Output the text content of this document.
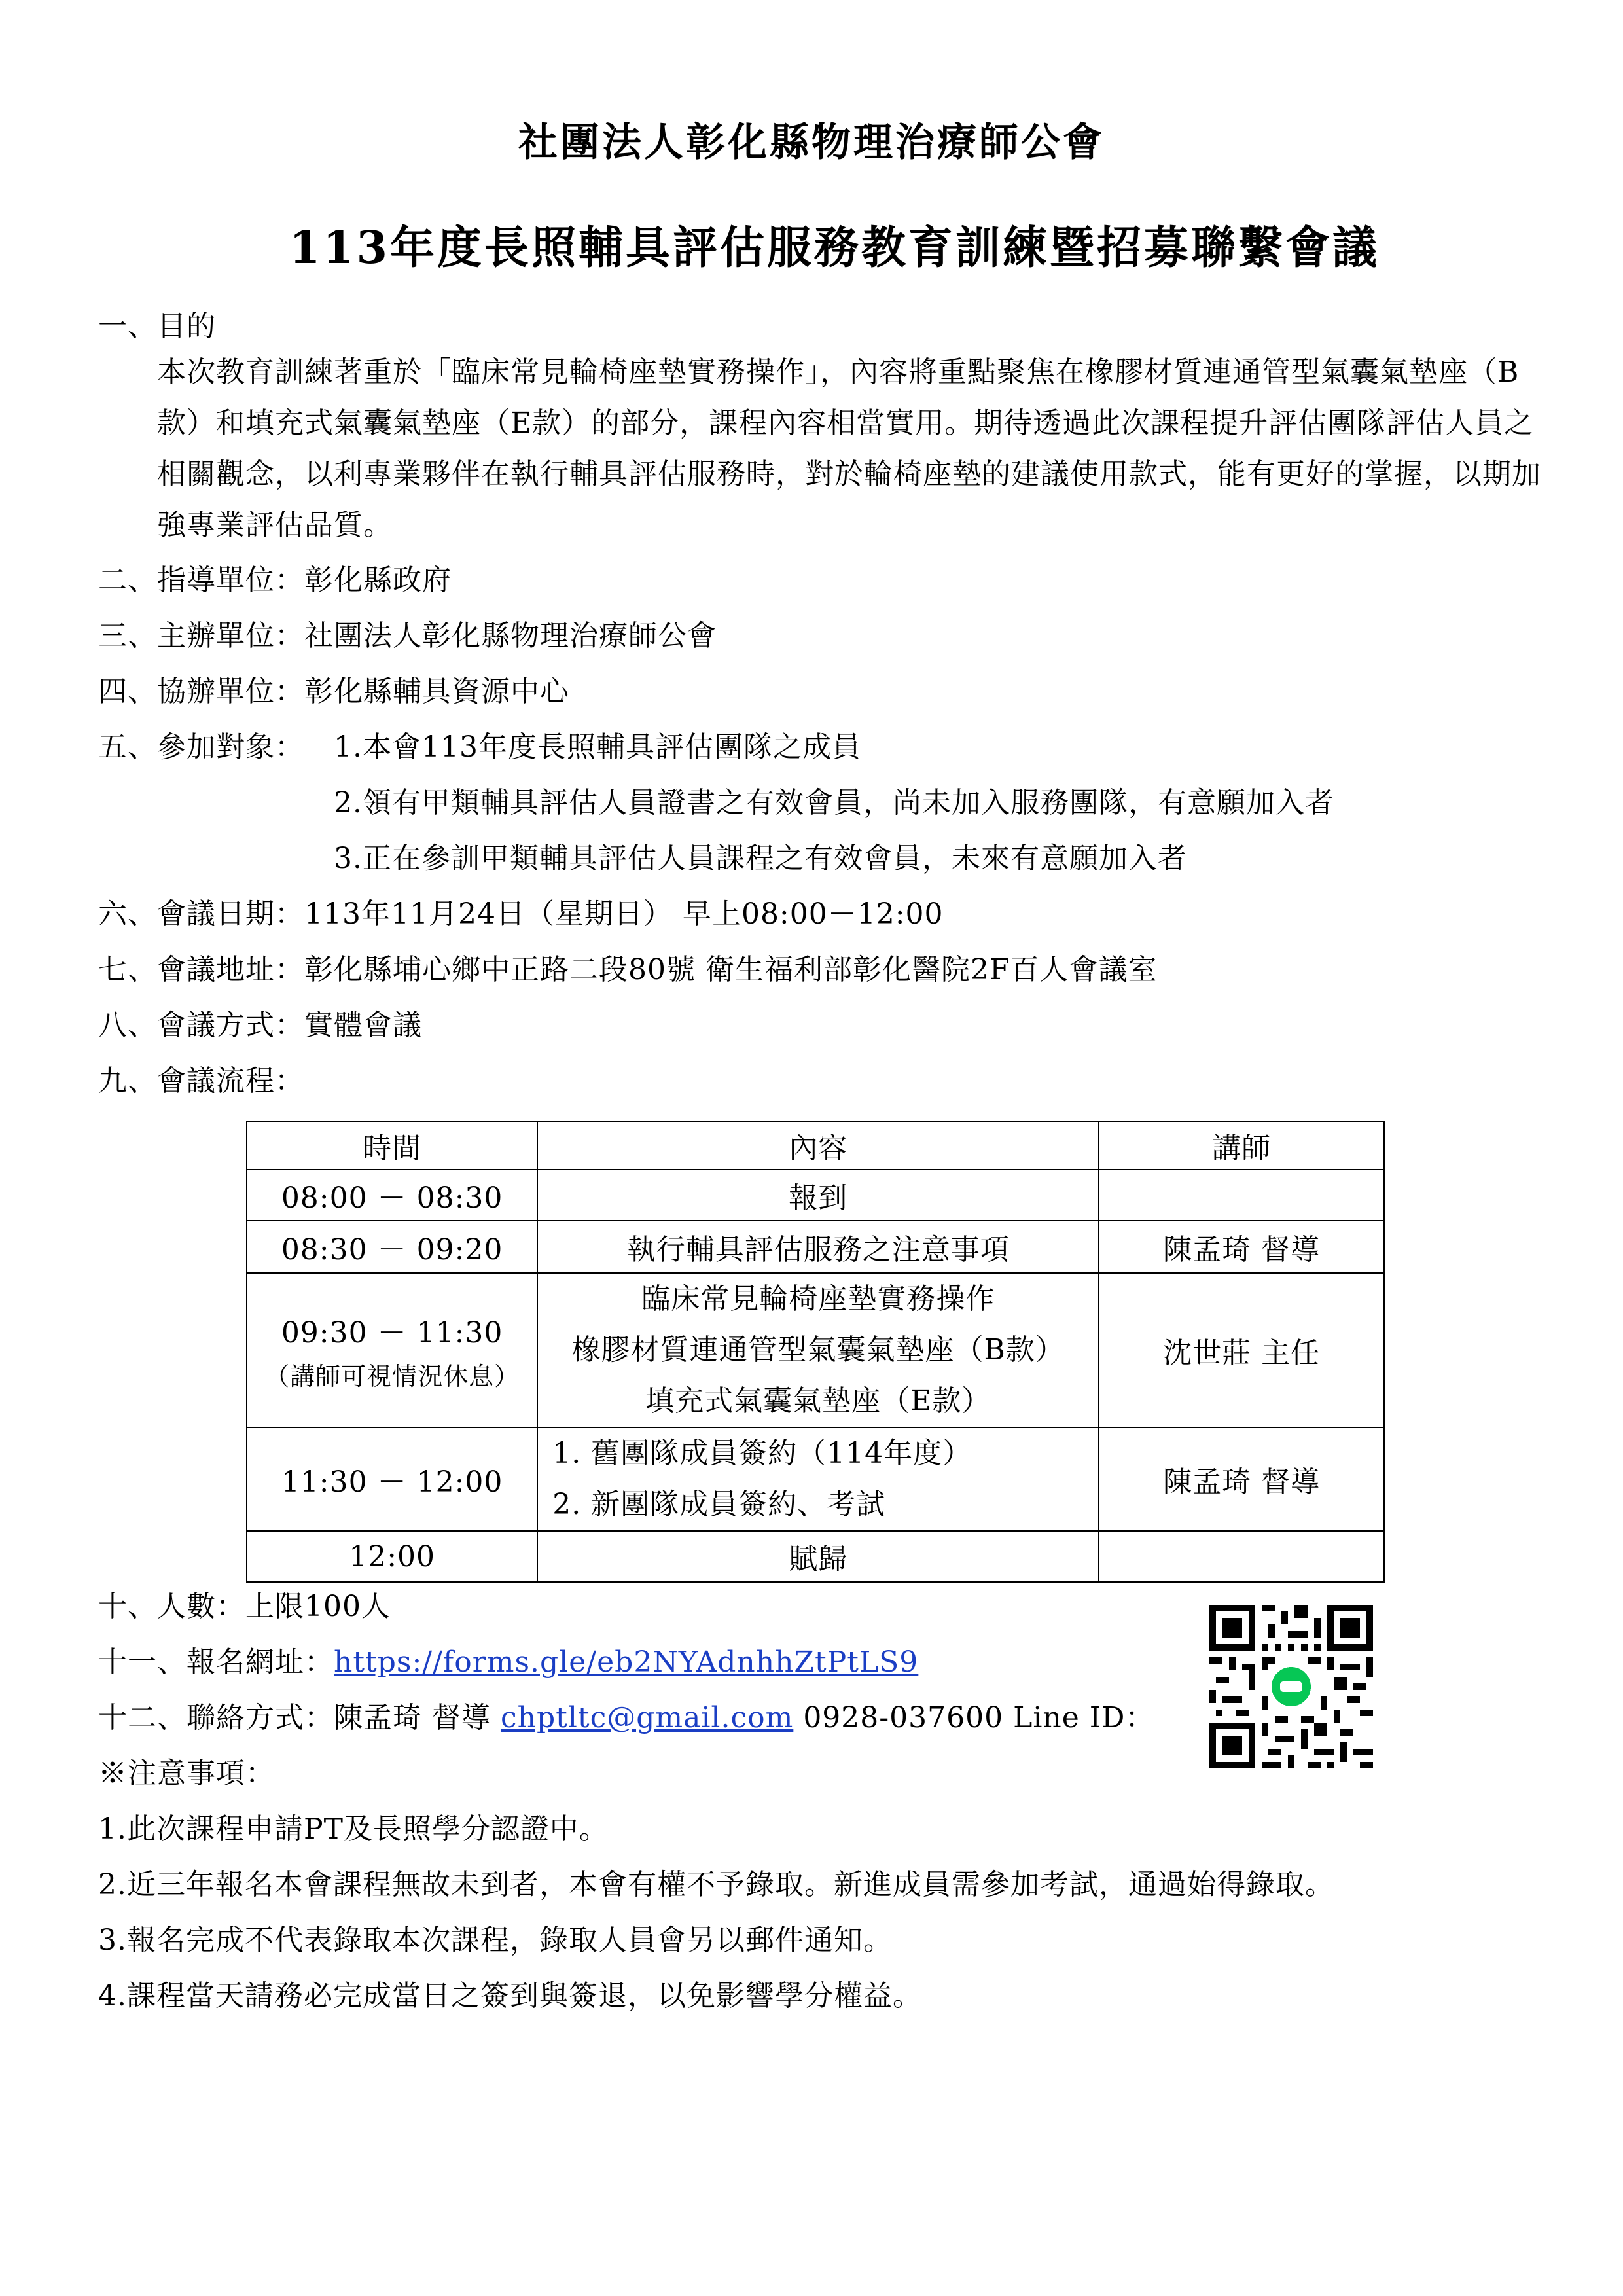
社團法人彰化縣物理治療師公會
113年度長照輔具評估服務教育訓練暨招募聯繫會議
一、目的
本次教育訓練著重於「臨床常見輪椅座墊實務操作」，內容將重點聚焦在橡膠材質連通管型氣囊氣墊座（B款）和填充式氣囊氣墊座（E款）的部分，課程內容相當實用。期待透過此次課程提升評估團隊評估人員之相關觀念，以利專業夥伴在執行輔具評估服務時，對於輪椅座墊的建議使用款式，能有更好的掌握，以期加強專業評估品質。
二、指導單位：彰化縣政府
三、主辦單位：社團法人彰化縣物理治療師公會
四、協辦單位：彰化縣輔具資源中心
五、參加對象： 1.本會113年度長照輔具評估團隊之成員
2.領有甲類輔具評估人員證書之有效會員，尚未加入服務團隊，有意願加入者
3.正在參訓甲類輔具評估人員課程之有效會員，未來有意願加入者
六、會議日期：113年11月24日（星期日） 早上08:00－12:00
七、會議地址：彰化縣埔心鄉中正路二段80號 衛生福利部彰化醫院2F百人會議室
八、會議方式：實體會議
九、會議流程：
時間	內容	講師
08:00 － 08:30	報到	
08:30 － 09:20	執行輔具評估服務之注意事項	陳孟琦 督導
09:30 － 11:30
（講師可視情況休息）	臨床常見輪椅座墊實務操作
橡膠材質連通管型氣囊氣墊座（B款）
填充式氣囊氣墊座（E款）	沈世莊 主任
11:30 － 12:00	1. 舊團隊成員簽約（114年度）
2. 新團隊成員簽約、考試	陳孟琦 督導
12:00	賦歸	
十、人數：上限100人
十一、報名網址：https://forms.gle/eb2NYAdnhhZtPtLS9
十二、聯絡方式：陳孟琦 督導 chptltc@gmail.com 0928-037600 Line ID：
※注意事項：
1.此次課程申請PT及長照學分認證中。
2.近三年報名本會課程無故未到者，本會有權不予錄取。新進成員需參加考試，通過始得錄取。
3.報名完成不代表錄取本次課程，錄取人員會另以郵件通知。
4.課程當天請務必完成當日之簽到與簽退，以免影響學分權益。
